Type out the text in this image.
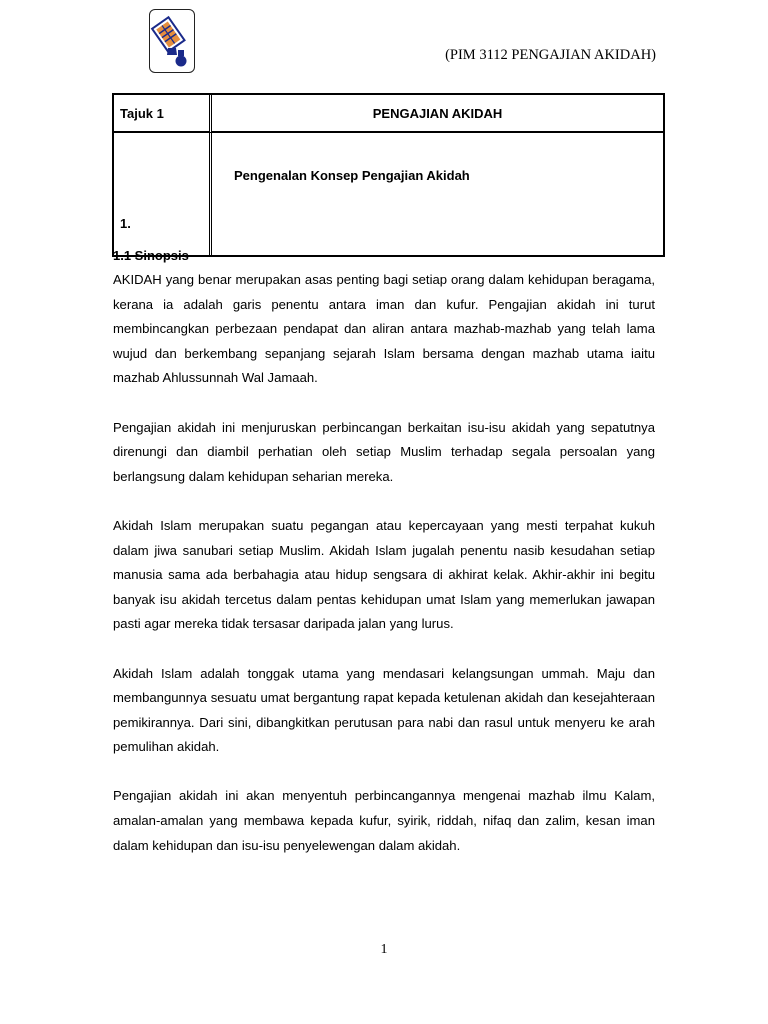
(PIM 3112 PENGAJIAN AKIDAH)
Tajuk 1	PENGAJIAN AKIDAH
1.	Pengenalan Konsep Pengajian Akidah
1.1 Sinopsis

AKIDAH yang benar merupakan asas penting bagi setiap orang dalam kehidupan beragama, kerana ia adalah garis penentu antara iman dan kufur. Pengajian akidah ini turut membincangkan perbezaan pendapat dan aliran antara mazhab-mazhab yang telah lama wujud dan berkembang sepanjang sejarah Islam bersama dengan mazhab utama iaitu mazhab Ahlussunnah Wal Jamaah.

Pengajian akidah ini menjuruskan perbincangan berkaitan isu-isu akidah yang sepatutnya direnungi dan diambil perhatian oleh setiap Muslim terhadap segala persoalan yang berlangsung dalam kehidupan seharian mereka.

Akidah Islam merupakan suatu pegangan atau kepercayaan yang mesti terpahat kukuh dalam jiwa sanubari setiap Muslim. Akidah Islam jugalah penentu nasib kesudahan setiap manusia sama ada berbahagia atau hidup sengsara di akhirat kelak. Akhir-akhir ini begitu banyak isu akidah tercetus dalam pentas kehidupan umat Islam yang memerlukan jawapan pasti agar mereka tidak tersasar daripada jalan yang lurus.

Akidah Islam adalah tonggak utama yang mendasari kelangsungan ummah. Maju dan membangunnya sesuatu umat bergantung rapat kepada ketulenan akidah dan kesejahteraan pemikirannya. Dari sini, dibangkitkan perutusan para nabi dan rasul untuk menyeru ke arah pemulihan akidah.

Pengajian akidah ini akan menyentuh perbincangannya mengenai mazhab ilmu Kalam, amalan-amalan yang membawa kepada kufur, syirik, riddah, nifaq dan zalim, kesan iman dalam kehidupan dan isu-isu penyelewengan dalam akidah.

1
